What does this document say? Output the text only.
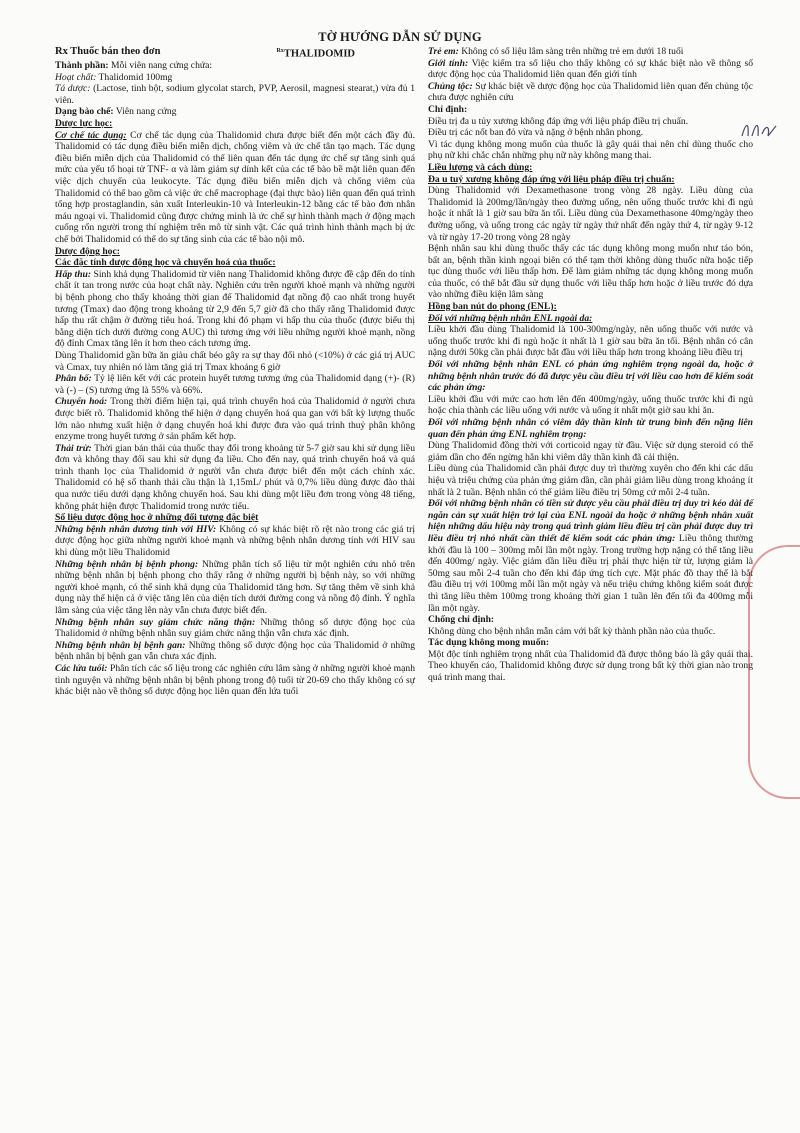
TỜ HƯỚNG DẪN SỬ DỤNG
Rx Thuốc bán theo đơn	$^{Rx}$THALIDOMID

Thành phần: Mỗi viên nang cứng chứa:

Hoạt chất: Thalidomid 100mg

Tá dược: (Lactose, tinh bột, sodium glycolat starch, PVP, Aerosil, magnesi stearat,) vừa đủ 1 viên.

Dạng bào chế: Viên nang cứng

Dược lực học:

Cơ chế tác dụng: Cơ chế tác dụng của Thalidomid chưa được biết đến một cách đầy đủ. Thalidomid có tác dụng điều biến miễn dịch, chống viêm và ức chế tân tạo mạch. Tác dụng điều biến miễn dịch của Thalidomid có thể liên quan đến tác dụng ức chế sự tăng sinh quá mức của yếu tố hoại tử TNF- α và làm giảm sự dính kết của các tế bào bề mặt liên quan đến việc dịch chuyển của leukocyte. Tác dụng điều biến miễn dịch và chống viêm của Thalidomid có thể bao gồm cả việc ức chế macrophage (đại thực bào) liên quan đến quá trình tổng hợp prostaglandin, sản xuất Interleukin-10 và Interleukin-12 bằng các tế bào đơn nhân máu ngoại vi. Thalidomid cũng được chứng minh là ức chế sự hình thành mạch ở động mạch cuống rốn người trong thí nghiệm trên mô từ sinh vật. Các quá trình hình thành mạch bị ức chế bởi Thalidomid có thể do sự tăng sinh của các tế bào nội mô.

Dược động học:

Các đặc tính dược động học và chuyển hoá của thuốc:

Hấp thu: Sinh khả dụng Thalidomid từ viên nang Thalidomid không được đề cập đến do tính chất ít tan trong nước của hoạt chất này. Nghiên cứu trên người khoẻ mạnh và những người bị bệnh phong cho thấy khoảng thời gian để Thalidomid đạt nồng độ cao nhất trong huyết tương (Tmax) dao động trong khoảng từ 2,9 đến 5,7 giờ đã cho thấy rằng Thalidomid được hấp thu rất chậm ở đường tiêu hoá. Trong khi đó phạm vi hấp thu của thuốc (được biểu thị bằng diện tích dưới đường cong AUC) thì tương ứng với liều những người khoẻ mạnh, nồng độ đỉnh Cmax tăng lên ít hơn theo cách tương ứng.

Dùng Thalidomid gần bữa ăn giàu chất béo gây ra sự thay đổi nhỏ (<10%) ở các giá trị AUC và Cmax, tuy nhiên nó làm tăng giá trị Tmax khoảng 6 giờ

Phân bố: Tỷ lệ liên kết với các protein huyết tương tương ứng của Thalidomid dạng (+)- (R) và (-) – (S) tương ứng là 55% và 66%.

Chuyển hoá: Trong thời điểm hiện tại, quá trình chuyển hoá của Thalidomid ở người chưa được biết rõ. Thalidomid không thể hiện ở dạng chuyển hoá qua gan với bất kỳ lượng thuốc lớn nào nhưng xuất hiện ở dạng chuyển hoá khi được đưa vào quá trình thuỷ phân không enzyme trong huyết tương ở sản phẩm kết hợp.

Thải trừ: Thời gian bán thải của thuốc thay đổi trong khoảng từ 5-7 giờ sau khi sử dụng liều đơn và không thay đổi sau khi sử dụng đa liều. Cho đến nay, quá trình chuyển hoá và quá trình thanh lọc của Thalidomid ở người vẫn chưa được biết đến một cách chính xác. Thalidomid có hệ số thanh thải cầu thận là 1,15mL/ phút và 0,7% liều dùng được đào thải qua nước tiểu dưới dạng không chuyển hoá. Sau khi dùng một liều đơn trong vòng 48 tiếng, không phát hiện được Thalidomid trong nước tiểu.

Số liệu dược động học ở những đối tượng đặc biệt

Những bệnh nhân dương tính với HIV: Không có sự khác biệt rõ rệt nào trong các giá trị dược động học giữa những người khoẻ mạnh và những bệnh nhân dương tính với HIV sau khi dùng một liều Thalidomid

Những bệnh nhân bị bệnh phong: Những phân tích số liệu từ một nghiên cứu nhỏ trên những bệnh nhân bị bệnh phong cho thấy rằng ở những người bị bệnh này, so với những người khoẻ mạnh, có thể sinh khả dụng của Thalidomid tăng hơn. Sự tăng thêm về sinh khả dụng này thể hiện cả ở việc tăng lên của diện tích dưới đường cong và nồng độ đỉnh. Ý nghĩa lâm sàng của việc tăng lên này vẫn chưa được biết đến.

Những bệnh nhân suy giảm chức năng thận: Những thông số dược động học của Thalidomid ở những bệnh nhân suy giảm chức năng thận vẫn chưa xác định.

Những bệnh nhân bị bệnh gan: Những thông số dược động học của Thalidomid ở những bệnh nhân bị bệnh gan vẫn chưa xác định.

Các lứa tuổi: Phân tích các số liệu trong các nghiên cứu lâm sàng ở những người khoẻ mạnh tình nguyện và những bệnh nhân bị bệnh phong trong độ tuổi từ 20-69 cho thấy không có sự khác biệt nào về thông số dược động học liên quan đến lứa tuổi

Trẻ em: Không có số liệu lâm sàng trên những trẻ em dưới 18 tuổi

Giới tính: Việc kiểm tra số liệu cho thấy không có sự khác biệt nào về thông số dược động học của Thalidomid liên quan đến giới tính

Chủng tộc: Sự khác biệt về dược động học của Thalidomid liên quan đến chủng tộc chưa được nghiên cứu

Chỉ định:

Điều trị đa u tủy xương không đáp ứng với liệu pháp điều trị chuẩn.

Điều trị các nốt ban đỏ vừa và nặng ở bệnh nhân phong.

Vì tác dụng không mong muốn của thuốc là gây quái thai nên chỉ dùng thuốc cho phụ nữ khi chắc chắn những phụ nữ này không mang thai.

Liều lượng và cách dùng:

Đa u tuỷ xương không đáp ứng với liệu pháp điều trị chuẩn:

Dùng Thalidomid với Dexamethasone trong vòng 28 ngày. Liều dùng của Thalidomid là 200mg/lần/ngày theo đường uống, nên uống thuốc trước khi đi ngủ hoặc ít nhất là 1 giờ sau bữa ăn tối. Liều dùng của Dexamethasone 40mg/ngày theo đường uống, và uống trong các ngày từ ngày thứ nhất đến ngày thứ 4, từ ngày 9-12 và từ ngày 17-20 trong vòng 28 ngày

Bệnh nhân sau khi dùng thuốc thấy các tác dụng không mong muốn như táo bón, bất an, bệnh thần kinh ngoại biên có thể tạm thời không dùng thuốc nữa hoặc tiếp tục dùng thuốc với liều thấp hơn. Để làm giảm những tác dụng không mong muốn của thuốc, có thể bắt đầu sử dụng thuốc với liều thấp hơn hoặc ở liều trước đó dựa vào những điều kiện lâm sàng

Hồng ban nút do phong (ENL):

Đối với những bệnh nhân ENL ngoài da:

Liều khởi đầu dùng Thalidomid là 100-300mg/ngày, nên uống thuốc với nước và uống thuốc trước khi đi ngủ hoặc ít nhất là 1 giờ sau bữa ăn tối. Bệnh nhân có cân nặng dưới 50kg cần phải được bắt đầu với liều thấp hơn trong khoảng liều điều trị

Đối với những bệnh nhân ENL có phản ứng nghiêm trọng ngoài da, hoặc ở những bệnh nhân trước đó đã được yêu cầu điều trị với liều cao hơn để kiểm soát các phản ứng:

Liều khởi đầu với mức cao hơn lên đến 400mg/ngày, uống thuốc trước khi đi ngủ hoặc chia thành các liều uống với nước và uống ít nhất một giờ sau khi ăn.

Đối với những bệnh nhân có viêm dây thần kinh từ trung bình đến nặng liên quan đến phản ứng ENL nghiêm trọng:

Dùng Thalidomid đồng thời với corticoid ngay từ đầu. Việc sử dụng steroid có thể giảm dần cho đến ngừng hẳn khi viêm dây thần kinh đã cải thiện.

Liều dùng của Thalidomid cần phải được duy trì thường xuyên cho đến khi các dấu hiệu và triệu chứng của phản ứng giảm dần, cần phải giảm liều dùng trong khoảng ít nhất là 2 tuần. Bệnh nhân có thể giảm liều điều trị 50mg cứ mỗi 2-4 tuần.

Đối với những bệnh nhân có tiền sử được yêu cầu phải điều trị duy trì kéo dài để ngăn cản sự xuất hiện trở lại của ENL ngoài da hoặc ở những bệnh nhân xuất hiện những dấu hiệu này trong quá trình giảm liều điều trị cần phải được duy trì liều điều trị nhỏ nhất cần thiết để kiểm soát các phản ứng: Liều thông thường khởi đầu là 100 – 300mg mỗi lần một ngày. Trong trường hợp nặng có thể tăng liều đến 400mg/ ngày. Việc giảm dần liều điều trị phải thực hiện từ từ, lượng giảm là 50mg sau mỗi 2-4 tuần cho đến khi đáp ứng tích cực. Mặt phác đồ thay thế là bắt đầu điều trị với 100mg mỗi lần một ngày và nếu triệu chứng không kiểm soát được thì tăng liều thêm 100mg trong khoảng thời gian 1 tuần lên đến tối đa 400mg mỗi lần một ngày.

Chống chỉ định:

Không dùng cho bệnh nhân mẫn cảm với bất kỳ thành phần nào của thuốc.

Tác dụng không mong muốn:

Một độc tính nghiêm trọng nhất của Thalidomid đã được thông báo là gây quái thai. Theo khuyến cáo, Thalidomid không được sử dụng trong bất kỳ thời gian nào trong quá trình mang thai.
